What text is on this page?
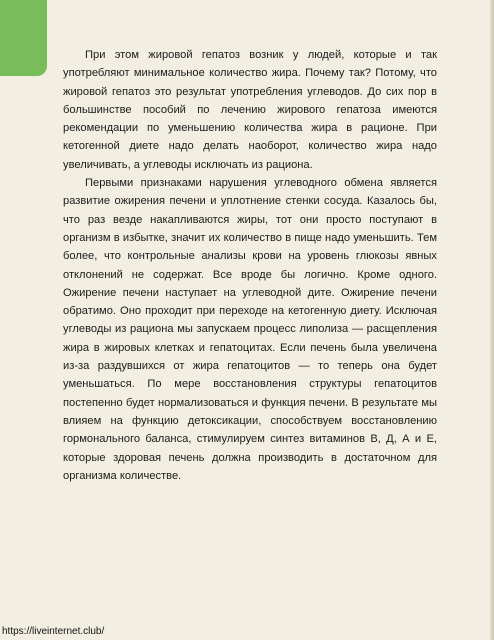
При этом жировой гепатоз возник у людей, которые и так употребляют минимальное количество жира. Почему так? Потому, что жировой гепатоз это результат употребления углеводов. До сих пор в большинстве пособий по лечению жирового гепатоза имеются рекомендации по уменьшению количества жира в рационе. При кетогенной диете надо делать наоборот, количество жира надо увеличивать, а углеводы исключать из рациона.

Первыми признаками нарушения углеводного обмена является развитие ожирения печени и уплотнение стенки сосуда. Казалось бы, что раз везде накапливаются жиры, тот они просто поступают в организм в избытке, значит их количество в пище надо уменьшить. Тем более, что контрольные анализы крови на уровень глюкозы явных отклонений не содержат. Все вроде бы логично. Кроме одного. Ожирение печени наступает на углеводной дите. Ожирение печени обратимо. Оно проходит при переходе на кетогенную диету. Исключая углеводы из рациона мы запускаем процесс липолиза — расщепления жира в жировых клетках и гепатоцитах. Если печень была увеличена из-за раздувшихся от жира гепатоцитов — то теперь она будет уменьшаться. По мере восстановления структуры гепатоцитов постепенно будет нормализоваться и функция печени. В результате мы влияем на функцию детоксикации, способствуем восстановлению гормонального баланса, стимулируем синтез витаминов В, Д, А и Е, которые здоровая печень должна производить в достаточном для организма количестве.

https://liveinternet.club/
